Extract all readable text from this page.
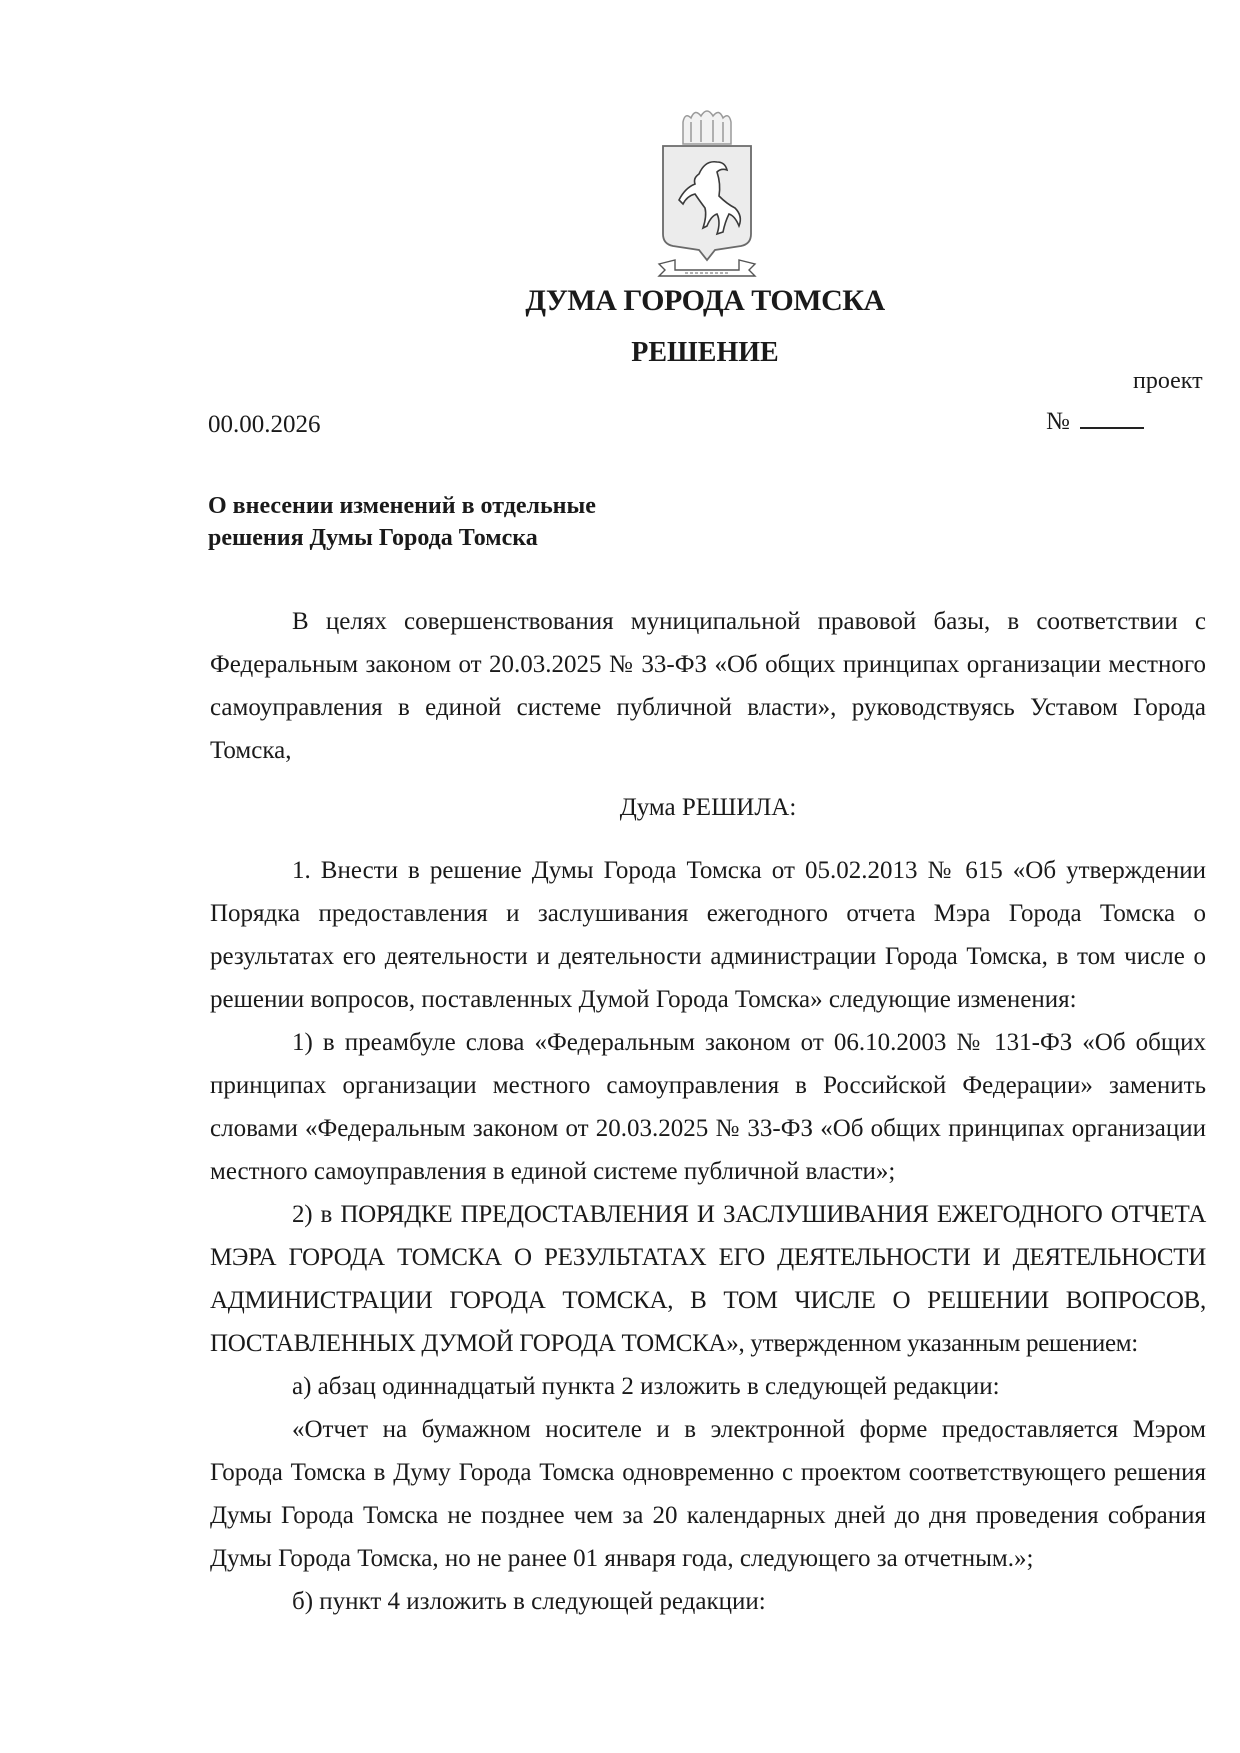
ДУМА ГОРОДА ТОМСКА
РЕШЕНИЕ
проект
00.00.2026	№
О внесении изменений в отдельные
решения Думы Города Томска

В целях совершенствования муниципальной правовой базы, в соответствии с Федеральным законом от 20.03.2025 № 33-ФЗ «Об общих принципах организации местного самоуправления в единой системе публичной власти», руководствуясь Уставом Города Томска,

Дума РЕШИЛА:

1. Внести в решение Думы Города Томска от 05.02.2013 № 615 «Об утверждении Порядка предоставления и заслушивания ежегодного отчета Мэра Города Томска о результатах его деятельности и деятельности администрации Города Томска, в том числе о решении вопросов, поставленных Думой Города Томска» следующие изменения:

1) в преамбуле слова «Федеральным законом от 06.10.2003 № 131-ФЗ «Об общих принципах организации местного самоуправления в Российской Федерации» заменить словами «Федеральным законом от 20.03.2025 № 33-ФЗ «Об общих принципах организации местного самоуправления в единой системе публичной власти»;

2) в ПОРЯДКЕ ПРЕДОСТАВЛЕНИЯ И ЗАСЛУШИВАНИЯ ЕЖЕГОДНОГО ОТЧЕТА МЭРА ГОРОДА ТОМСКА О РЕЗУЛЬТАТАХ ЕГО ДЕЯТЕЛЬНОСТИ И ДЕЯТЕЛЬНОСТИ АДМИНИСТРАЦИИ ГОРОДА ТОМСКА, В ТОМ ЧИСЛЕ О РЕШЕНИИ ВОПРОСОВ, ПОСТАВЛЕННЫХ ДУМОЙ ГОРОДА ТОМСКА», утвержденном указанным решением:

а) абзац одиннадцатый пункта 2 изложить в следующей редакции:

«Отчет на бумажном носителе и в электронной форме предоставляется Мэром Города Томска в Думу Города Томска одновременно с проектом соответствующего решения Думы Города Томска не позднее чем за 20 календарных дней до дня проведения собрания Думы Города Томска, но не ранее 01 января года, следующего за отчетным.»;

б) пункт 4 изложить в следующей редакции:
